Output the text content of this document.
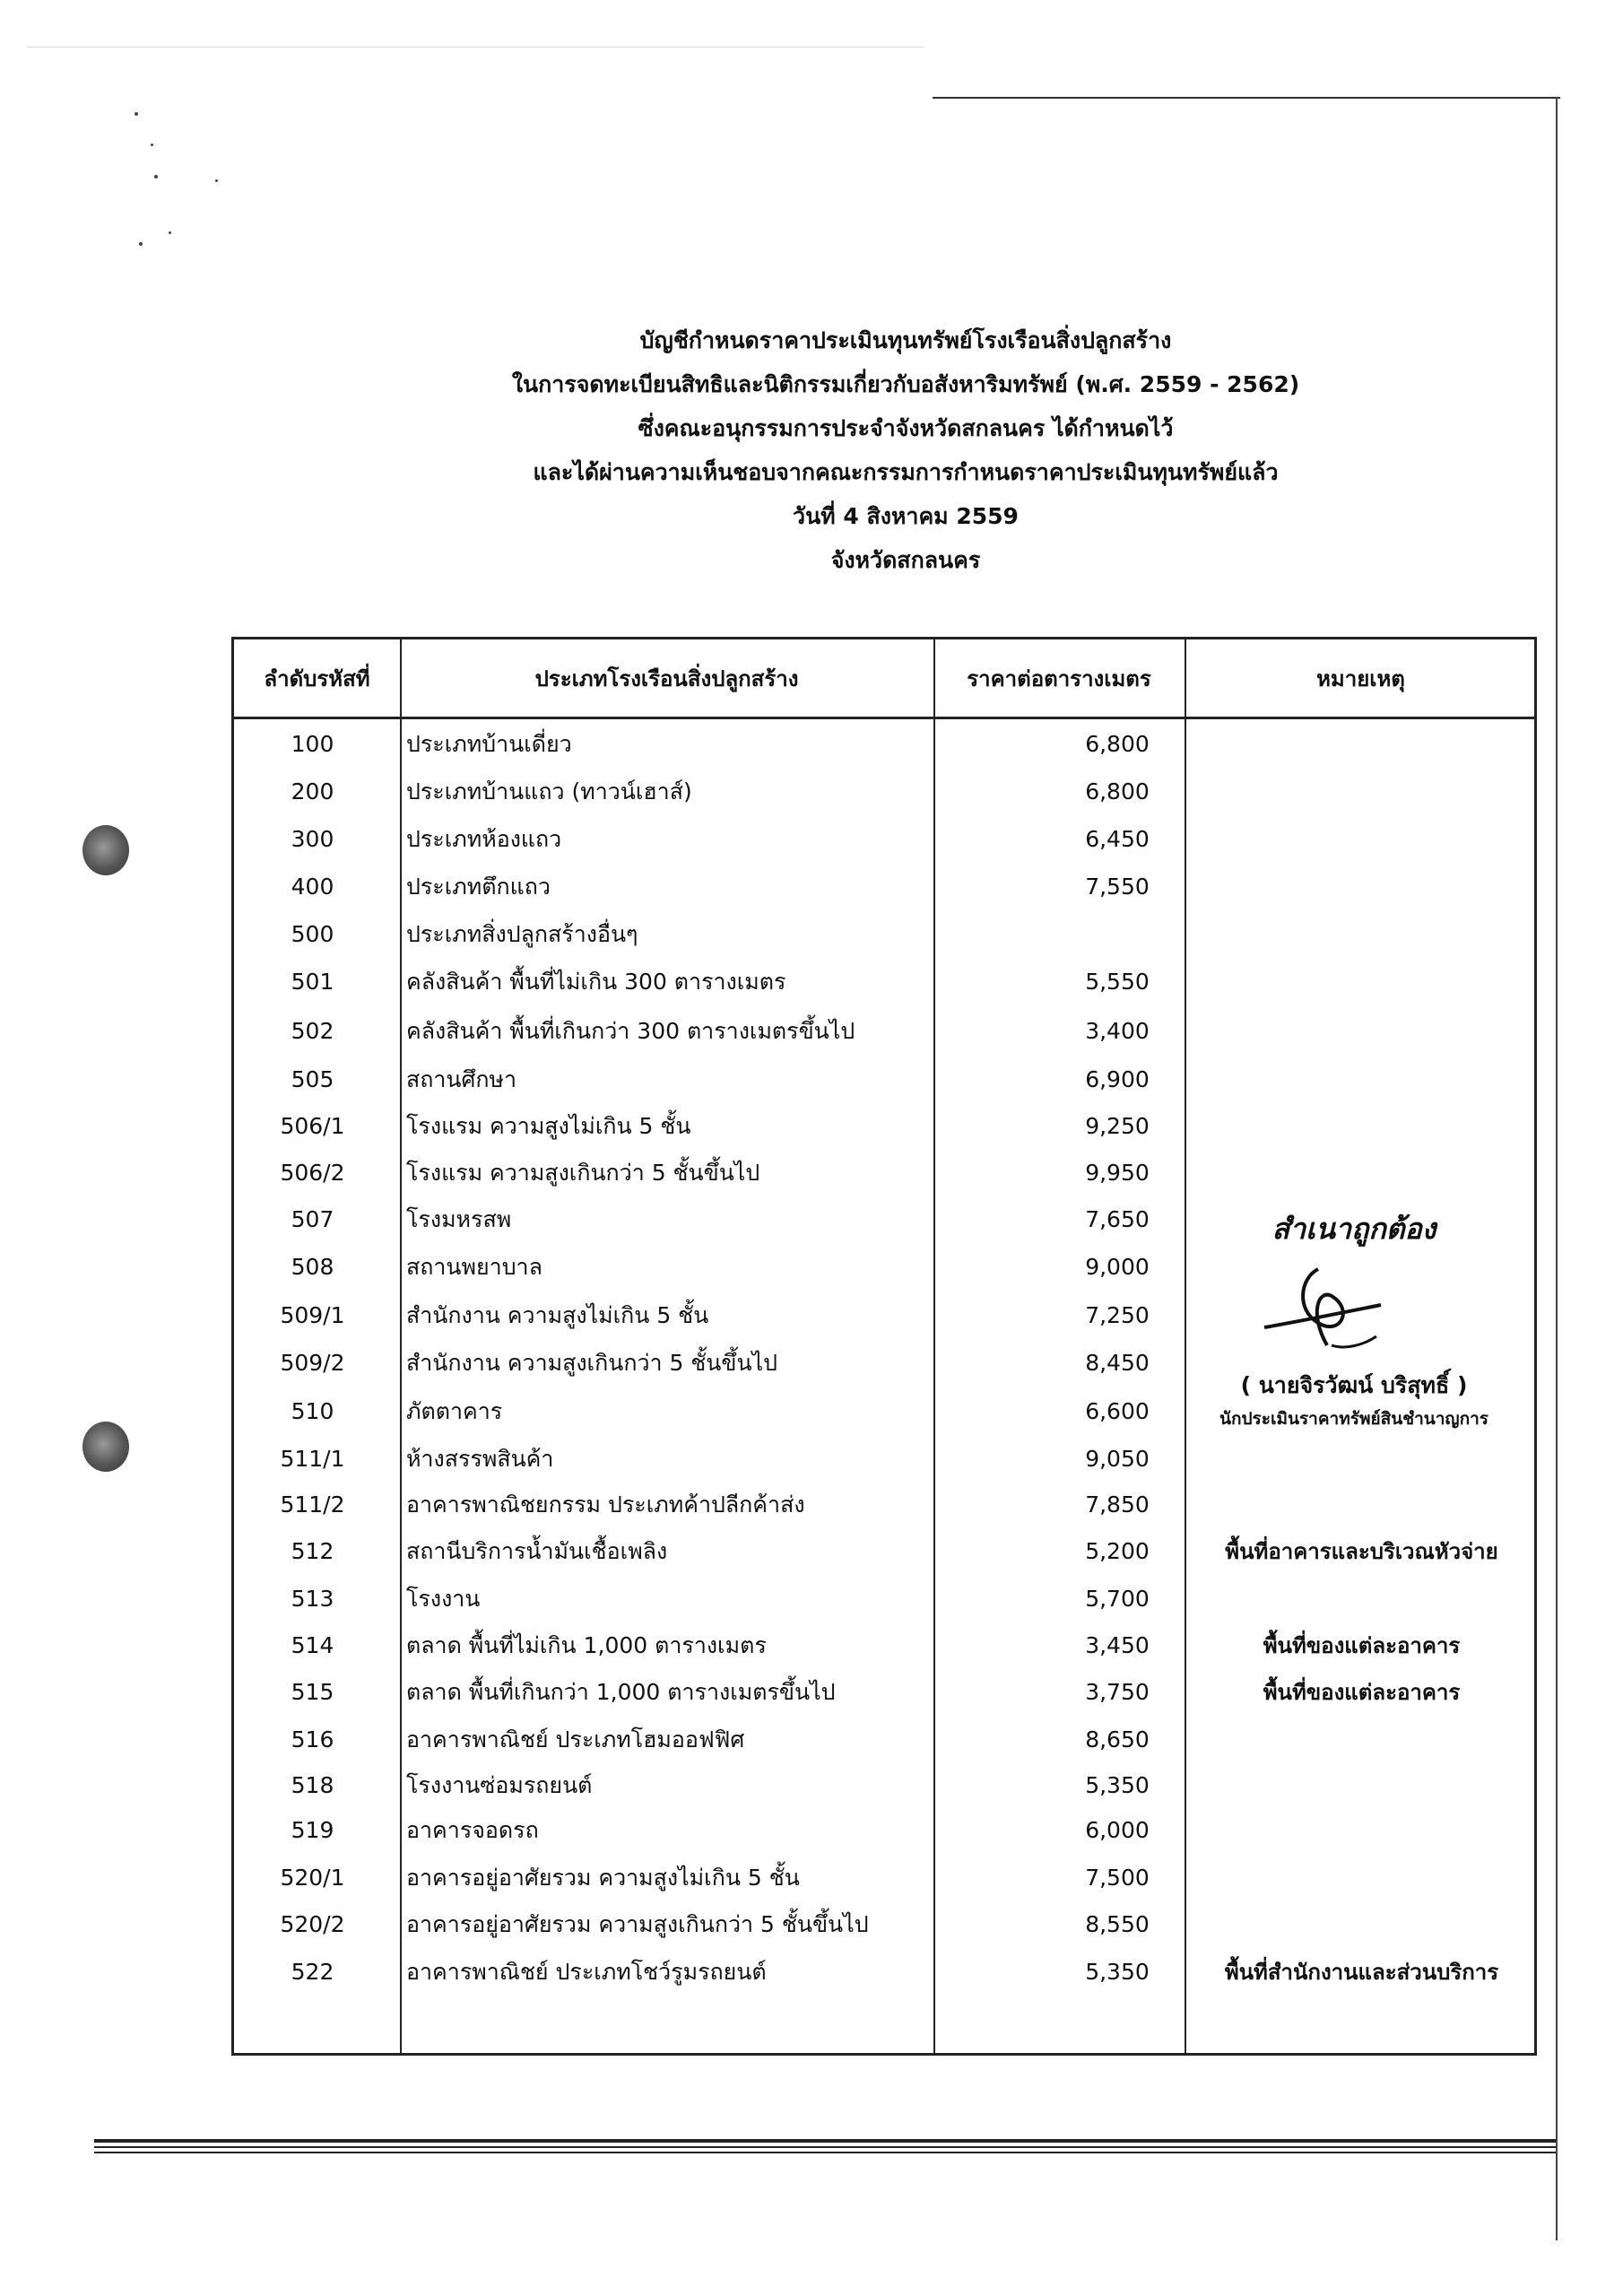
บัญชีกำหนดราคาประเมินทุนทรัพย์โรงเรือนสิ่งปลูกสร้าง
ในการจดทะเบียนสิทธิและนิติกรรมเกี่ยวกับอสังหาริมทรัพย์ (พ.ศ. 2559 - 2562)
ซึ่งคณะอนุกรรมการประจำจังหวัดสกลนคร ได้กำหนดไว้
และได้ผ่านความเห็นชอบจากคณะกรรมการกำหนดราคาประเมินทุนทรัพย์แล้ว
วันที่ 4 สิงหาคม 2559
จังหวัดสกลนคร
ลำดับรหัสที่	ประเภทโรงเรือนสิ่งปลูกสร้าง	ราคาต่อตารางเมตร	หมายเหตุ
100	ประเภทบ้านเดี่ยว	6,800
200	ประเภทบ้านแถว (ทาวน์เฮาส์)	6,800
300	ประเภทห้องแถว	6,450
400	ประเภทตึกแถว	7,550
500	ประเภทสิ่งปลูกสร้างอื่นๆ
501	คลังสินค้า พื้นที่ไม่เกิน 300 ตารางเมตร	5,550
502	คลังสินค้า พื้นที่เกินกว่า 300 ตารางเมตรขึ้นไป	3,400
505	สถานศึกษา	6,900
506/1	โรงแรม ความสูงไม่เกิน 5 ชั้น	9,250
506/2	โรงแรม ความสูงเกินกว่า 5 ชั้นขึ้นไป	9,950
507	โรงมหรสพ	7,650
508	สถานพยาบาล	9,000
509/1	สำนักงาน ความสูงไม่เกิน 5 ชั้น	7,250
509/2	สำนักงาน ความสูงเกินกว่า 5 ชั้นขึ้นไป	8,450
510	ภัตตาคาร	6,600
511/1	ห้างสรรพสินค้า	9,050
511/2	อาคารพาณิชยกรรม ประเภทค้าปลีกค้าส่ง	7,850
512	สถานีบริการน้ำมันเชื้อเพลิง	5,200	พื้นที่อาคารและบริเวณหัวจ่าย
513	โรงงาน	5,700
514	ตลาด พื้นที่ไม่เกิน 1,000 ตารางเมตร	3,450	พื้นที่ของแต่ละอาคาร
515	ตลาด พื้นที่เกินกว่า 1,000 ตารางเมตรขึ้นไป	3,750	พื้นที่ของแต่ละอาคาร
516	อาคารพาณิชย์ ประเภทโฮมออฟฟิศ	8,650
518	โรงงานซ่อมรถยนต์	5,350
519	อาคารจอดรถ	6,000
520/1	อาคารอยู่อาศัยรวม ความสูงไม่เกิน 5 ชั้น	7,500
520/2	อาคารอยู่อาศัยรวม ความสูงเกินกว่า 5 ชั้นขึ้นไป	8,550
522	อาคารพาณิชย์ ประเภทโชว์รูมรถยนต์	5,350	พื้นที่สำนักงานและส่วนบริการ
สำเนาถูกต้อง
( นายจิรวัฒน์ บริสุทธิ์ )
นักประเมินราคาทรัพย์สินชำนาญการ
